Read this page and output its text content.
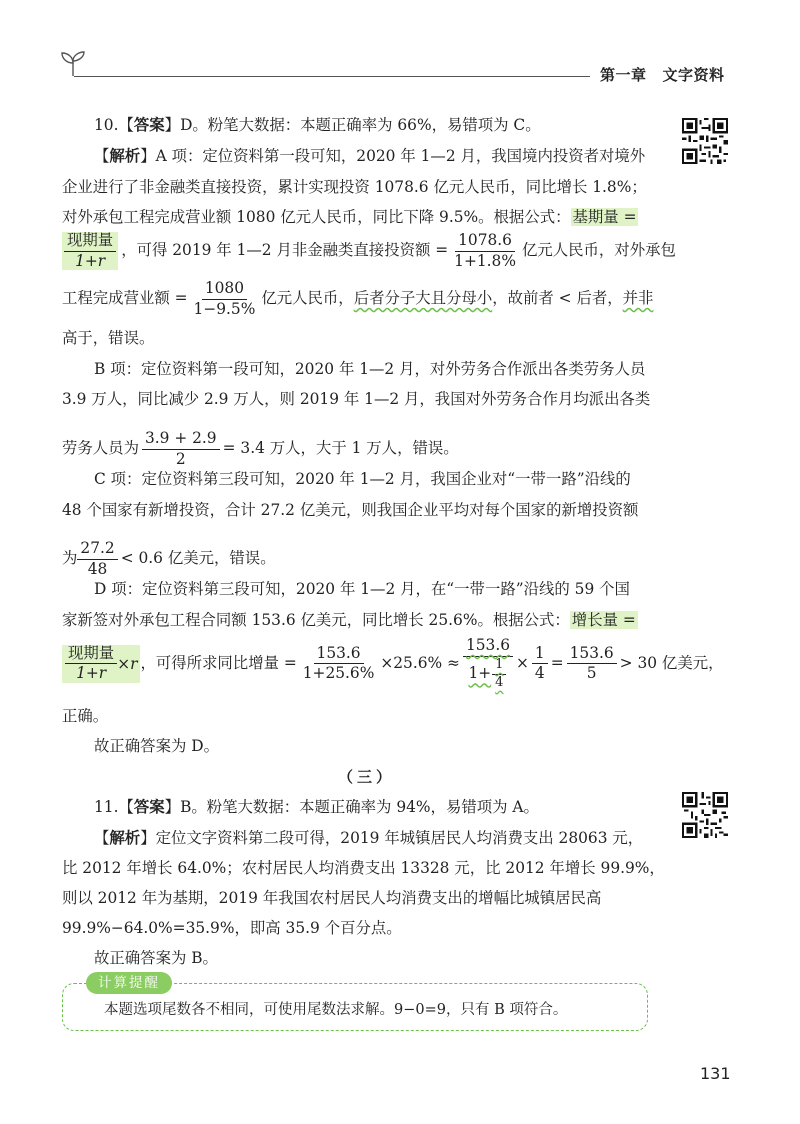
第一章 文字资料
10.【答案】D。粉笔大数据：本题正确率为 66%，易错项为 C。
【解析】A 项：定位资料第一段可知，2020 年 1—2 月，我国境内投资者对境外
企业进行了非金融类直接投资，累计实现投资 1078.6 亿元人民币，同比增长 1.8%；
对外承包工程完成营业额 1080 亿元人民币，同比下降 9.5%。根据公式： 基期量 =
现期量
1+r
，可得 2019 年 1—2 月非金融类直接投资额 = $\frac{1078.6}{1+1.8\%}$ 亿元人民币，对外承包
工程完成营业额 = $\frac{1080}{1-9.5\%}$ 亿元人民币，后者分子大且分母小，故前者 < 后者，并非
高于，错误。
B 项：定位资料第一段可知，2020 年 1—2 月，对外劳务合作派出各类劳务人员
3.9 万人，同比减少 2.9 万人，则 2019 年 1—2 月，我国对外劳务合作月均派出各类
劳务人员为 $\frac{3.9 + 2.9}{2} = 3.4$ 万人，大于 1 万人，错误。
C 项：定位资料第三段可知，2020 年 1—2 月，我国企业对“一带一路”沿线的
48 个国家有新增投资，合计 27.2 亿美元，则我国企业平均对每个国家的新增投资额
为 $\frac{27.2}{48} < 0.6$ 亿美元，错误。
D 项：定位资料第三段可知，2020 年 1—2 月，在“一带一路”沿线的 59 个国
家新签对外承包工程合同额 153.6 亿美元，同比增长 25.6%。根据公式： 增长量 =
现期量
1+r
×r ，可得所求同比增量 = $\frac{153.6}{1+25.6\%} \times 25.6\% \approx \frac{153.6}{1+ \frac{1}{4}} \times \frac{1}{4} = \frac{153.6}{5} > 30$ 亿美元，
正确。
故正确答案为 D。
11.【答案】B。粉笔大数据：本题正确率为 94%，易错项为 A。
【解析】定位文字资料第二段可得，2019 年城镇居民人均消费支出 28063 元，
比 2012 年增长 64.0%；农村居民人均消费支出 13328 元，比 2012 年增长 99.9%，
则以 2012 年为基期，2019 年我国农村居民人均消费支出的增幅比城镇居民高
99.9%−64.0%=35.9%，即高 35.9 个百分点。
故正确答案为 B。
（三）
计算提醒
本题选项尾数各不相同，可使用尾数法求解。9−0=9，只有 B 项符合。
131
